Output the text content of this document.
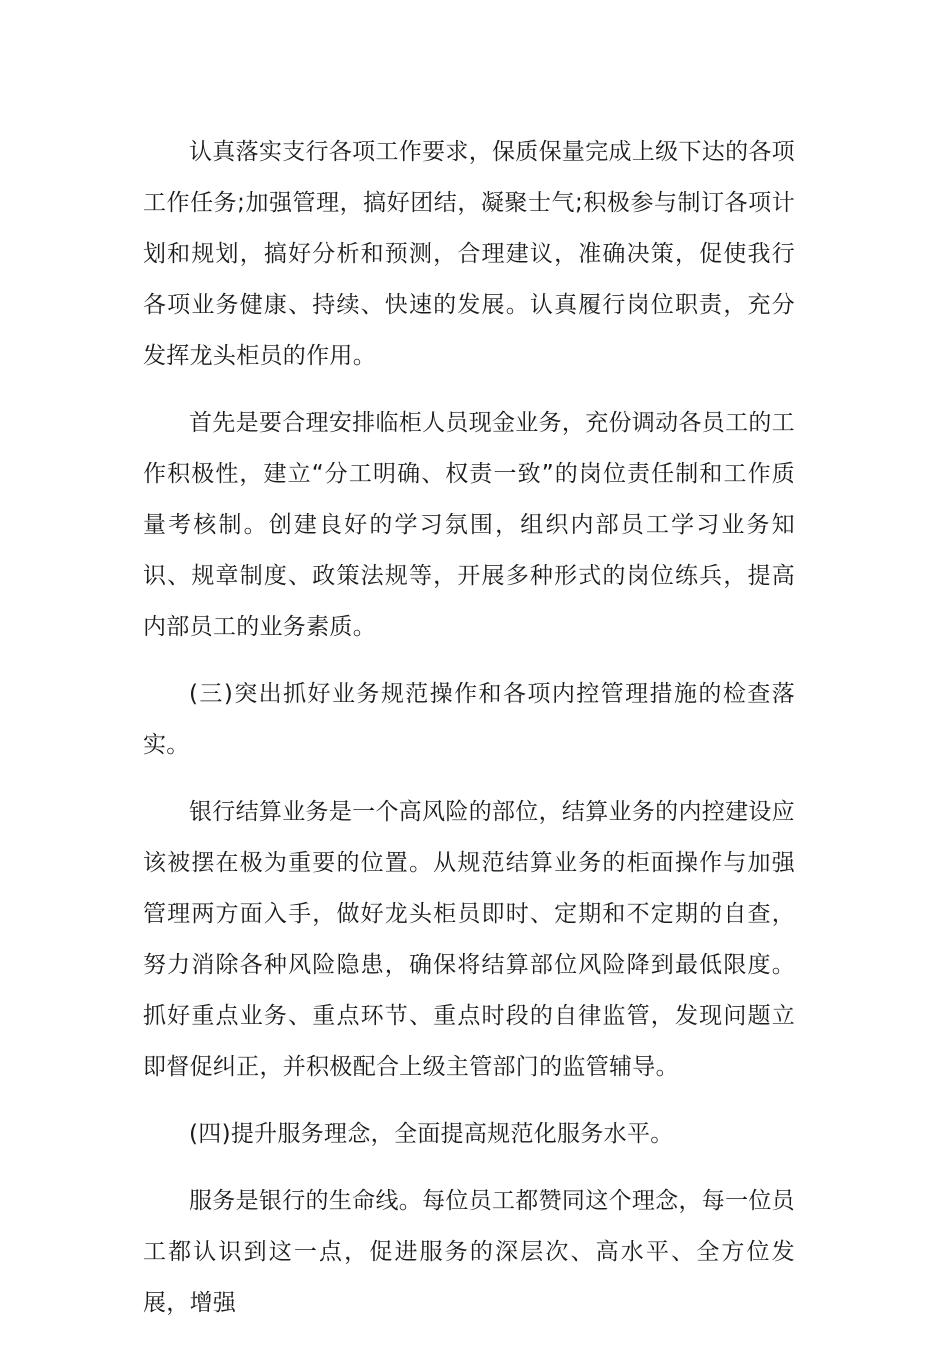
认真落实支行各项工作要求，保质保量完成上级下达的各项工作任务;加强管理，搞好团结，凝聚士气;积极参与制订各项计划和规划，搞好分析和预测，合理建议，准确决策，促使我行各项业务健康、持续、快速的发展。认真履行岗位职责，充分发挥龙头柜员的作用。

首先是要合理安排临柜人员现金业务，充份调动各员工的工作积极性，建立“分工明确、权责一致”的岗位责任制和工作质量考核制。创建良好的学习氛围，组织内部员工学习业务知识、规章制度、政策法规等，开展多种形式的岗位练兵，提高内部员工的业务素质。

(三)突出抓好业务规范操作和各项内控管理措施的检查落实。

银行结算业务是一个高风险的部位，结算业务的内控建设应该被摆在极为重要的位置。从规范结算业务的柜面操作与加强管理两方面入手，做好龙头柜员即时、定期和不定期的自查，努力消除各种风险隐患，确保将结算部位风险降到最低限度。抓好重点业务、重点环节、重点时段的自律监管，发现问题立即督促纠正，并积极配合上级主管部门的监管辅导。

(四)提升服务理念，全面提高规范化服务水平。

服务是银行的生命线。每位员工都赞同这个理念，每一位员工都认识到这一点，促进服务的深层次、高水平、全方位发展，增强
